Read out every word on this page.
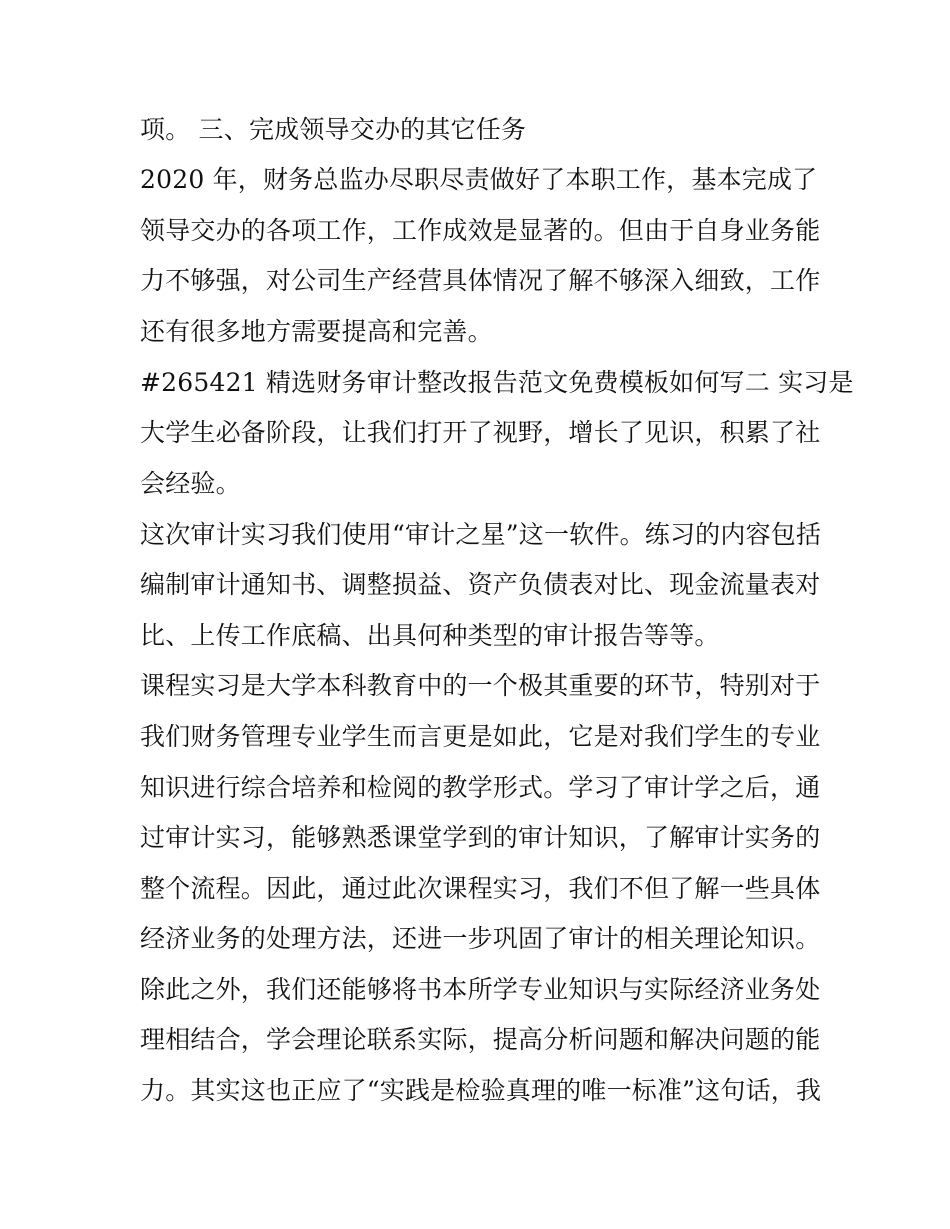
项。 三、完成领导交办的其它任务
2020 年，财务总监办尽职尽责做好了本职工作，基本完成了
领导交办的各项工作，工作成效是显著的。但由于自身业务能
力不够强，对公司生产经营具体情况了解不够深入细致，工作
还有很多地方需要提高和完善。
#265421 精选财务审计整改报告范文免费模板如何写二 实习是
大学生必备阶段，让我们打开了视野，增长了见识，积累了社
会经验。
这次审计实习我们使用“审计之星”这一软件。练习的内容包括
编制审计通知书、调整损益、资产负债表对比、现金流量表对
比、上传工作底稿、出具何种类型的审计报告等等。
课程实习是大学本科教育中的一个极其重要的环节，特别对于
我们财务管理专业学生而言更是如此，它是对我们学生的专业
知识进行综合培养和检阅的教学形式。学习了审计学之后，通
过审计实习，能够熟悉课堂学到的审计知识，了解审计实务的
整个流程。因此，通过此次课程实习，我们不但了解一些具体
经济业务的处理方法，还进一步巩固了审计的相关理论知识。
除此之外，我们还能够将书本所学专业知识与实际经济业务处
理相结合，学会理论联系实际，提高分析问题和解决问题的能
力。其实这也正应了“实践是检验真理的唯一标准”这句话，我
